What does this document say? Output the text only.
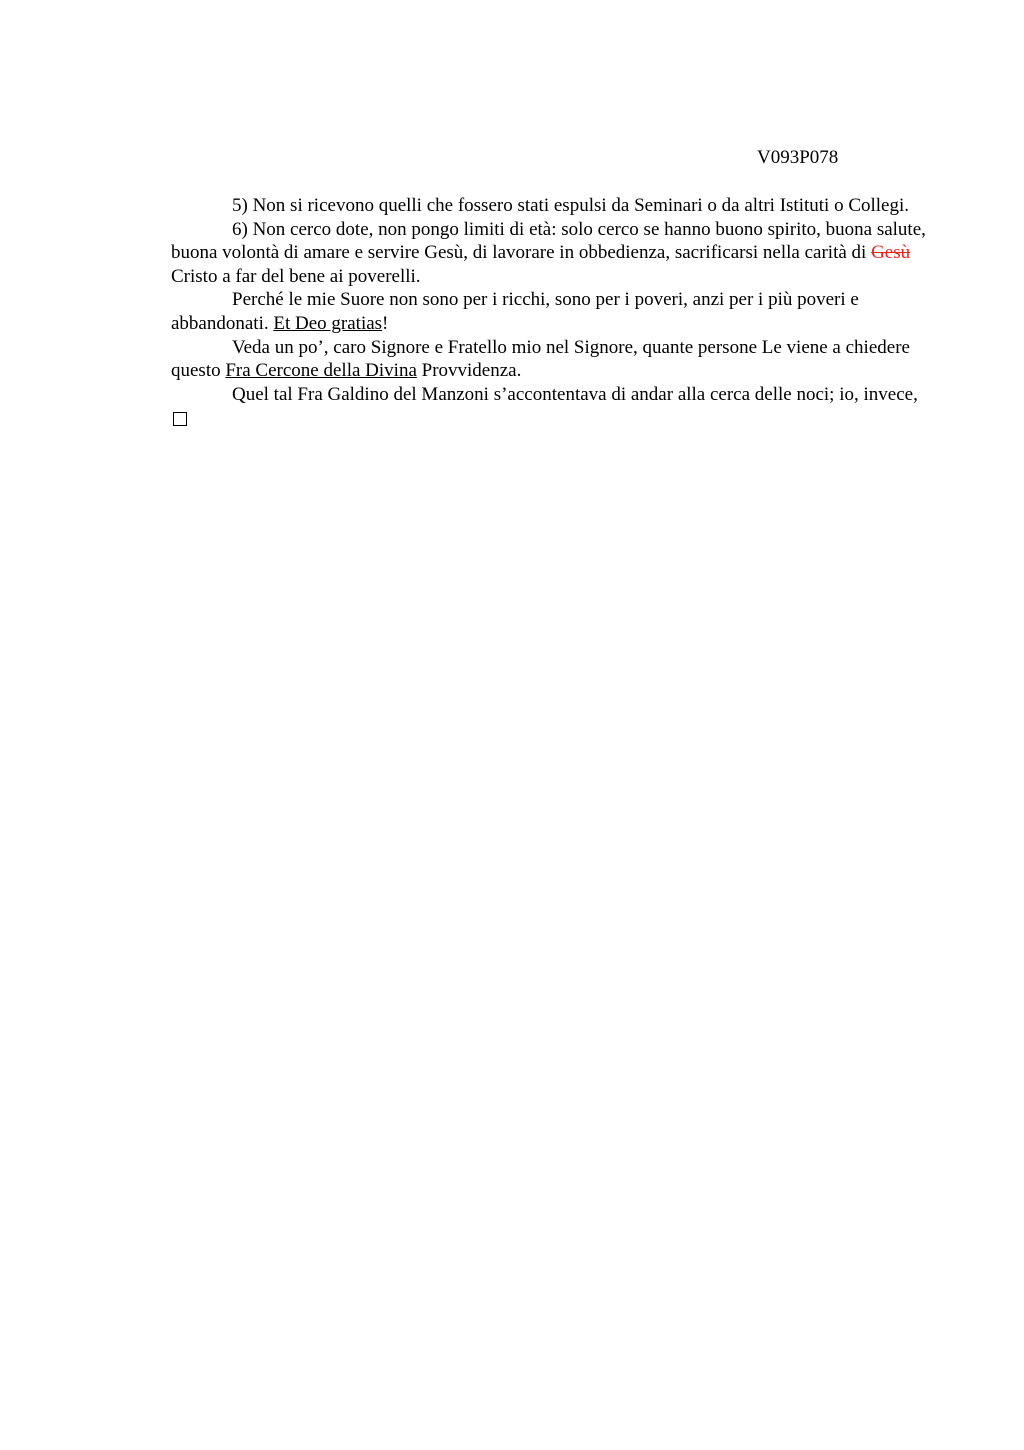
V093P078

5) Non si ricevono quelli che fossero stati espulsi da Seminari o da altri Istituti o Collegi.

6) Non cerco dote, non pongo limiti di età: solo cerco se hanno buono spirito, buona salute, buona volontà di amare e servire Gesù, di lavorare in obbedienza, sacrificarsi nella carità di Gesù Cristo a far del bene ai poverelli.

Perché le mie Suore non sono per i ricchi, sono per i poveri, anzi per i più poveri e abbandonati. Et Deo gratias!

Veda un po’, caro Signore e Fratello mio nel Signore, quante persone Le viene a chiedere questo Fra Cercone della Divina Provvidenza.

Quel tal Fra Galdino del Manzoni s’accontentava di andar alla cerca delle noci; io, invece,
